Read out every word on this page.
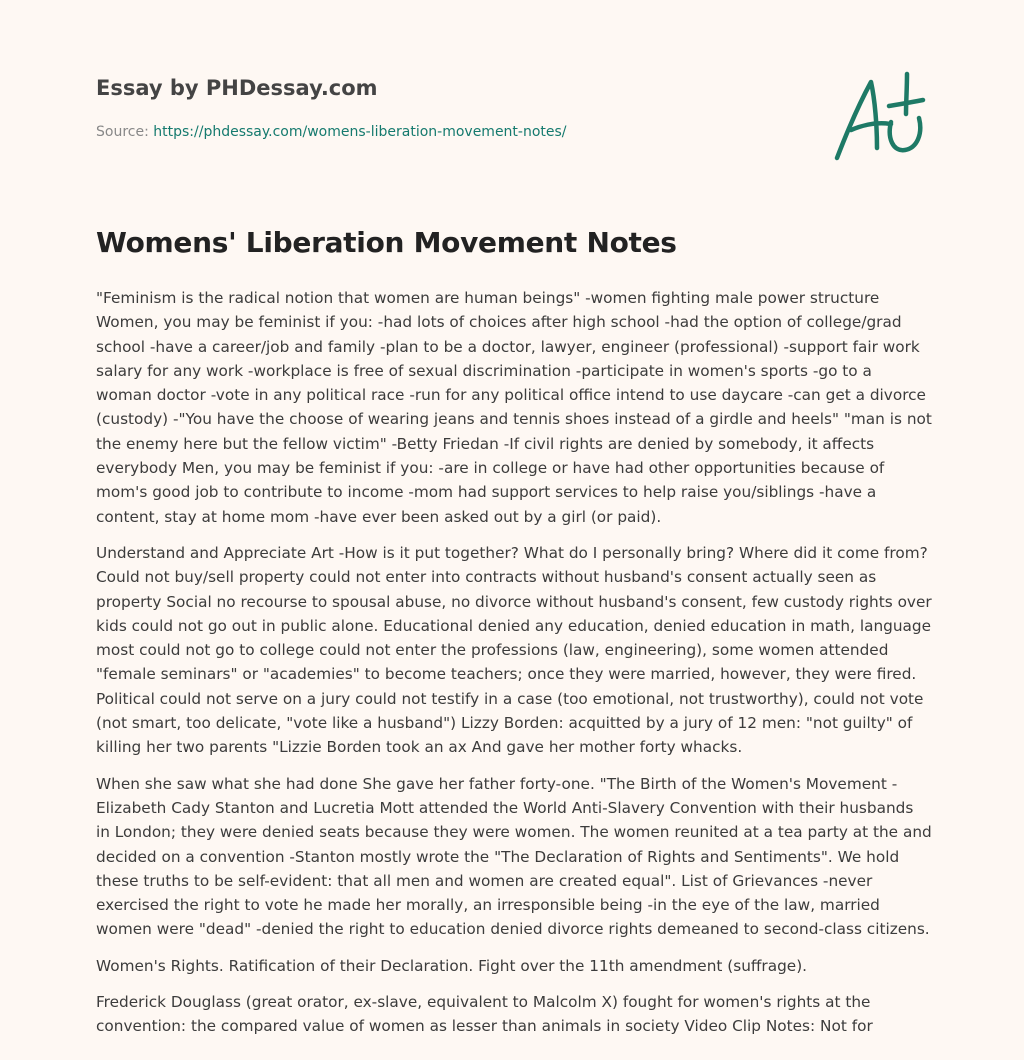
Essay by PHDessay.com

Source: https://phdessay.com/womens-liberation-movement-notes/

Womens' Liberation Movement Notes

"Feminism is the radical notion that women are human beings" -women fighting male power structure Women, you may be feminist if you: -had lots of choices after high school -had the option of college/grad school -have a career/job and family -plan to be a doctor, lawyer, engineer (professional) -support fair work salary for any work -workplace is free of sexual discrimination -participate in women's sports -go to a woman doctor -vote in any political race -run for any political office intend to use daycare -can get a divorce (custody) -"You have the choose of wearing jeans and tennis shoes instead of a girdle and heels" "man is not the enemy here but the fellow victim" -Betty Friedan -If civil rights are denied by somebody, it affects everybody Men, you may be feminist if you: -are in college or have had other opportunities because of mom's good job to contribute to income -mom had support services to help raise you/siblings -have a content, stay at home mom -have ever been asked out by a girl (or paid).

Understand and Appreciate Art -How is it put together? What do I personally bring? Where did it come from? Could not buy/sell property could not enter into contracts without husband's consent actually seen as property Social no recourse to spousal abuse, no divorce without husband's consent, few custody rights over kids could not go out in public alone. Educational denied any education, denied education in math, language most could not go to college could not enter the professions (law, engineering), some women attended "female seminars" or "academies" to become teachers; once they were married, however, they were fired. Political could not serve on a jury could not testify in a case (too emotional, not trustworthy), could not vote (not smart, too delicate, "vote like a husband") Lizzy Borden: acquitted by a jury of 12 men: "not guilty" of killing her two parents "Lizzie Borden took an ax And gave her mother forty whacks.

When she saw what she had done She gave her father forty-one. "The Birth of the Women's Movement -Elizabeth Cady Stanton and Lucretia Mott attended the World Anti-Slavery Convention with their husbands in London; they were denied seats because they were women. The women reunited at a tea party at the and decided on a convention -Stanton mostly wrote the "The Declaration of Rights and Sentiments". We hold these truths to be self-evident: that all men and women are created equal". List of Grievances -never exercised the right to vote he made her morally, an irresponsible being -in the eye of the law, married women were "dead" -denied the right to education denied divorce rights demeaned to second-class citizens.

Women's Rights. Ratification of their Declaration. Fight over the 11th amendment (suffrage).

Frederick Douglass (great orator, ex-slave, equivalent to Malcolm X) fought for women's rights at the convention: the compared value of women as lesser than animals in society Video Clip Notes: Not for
